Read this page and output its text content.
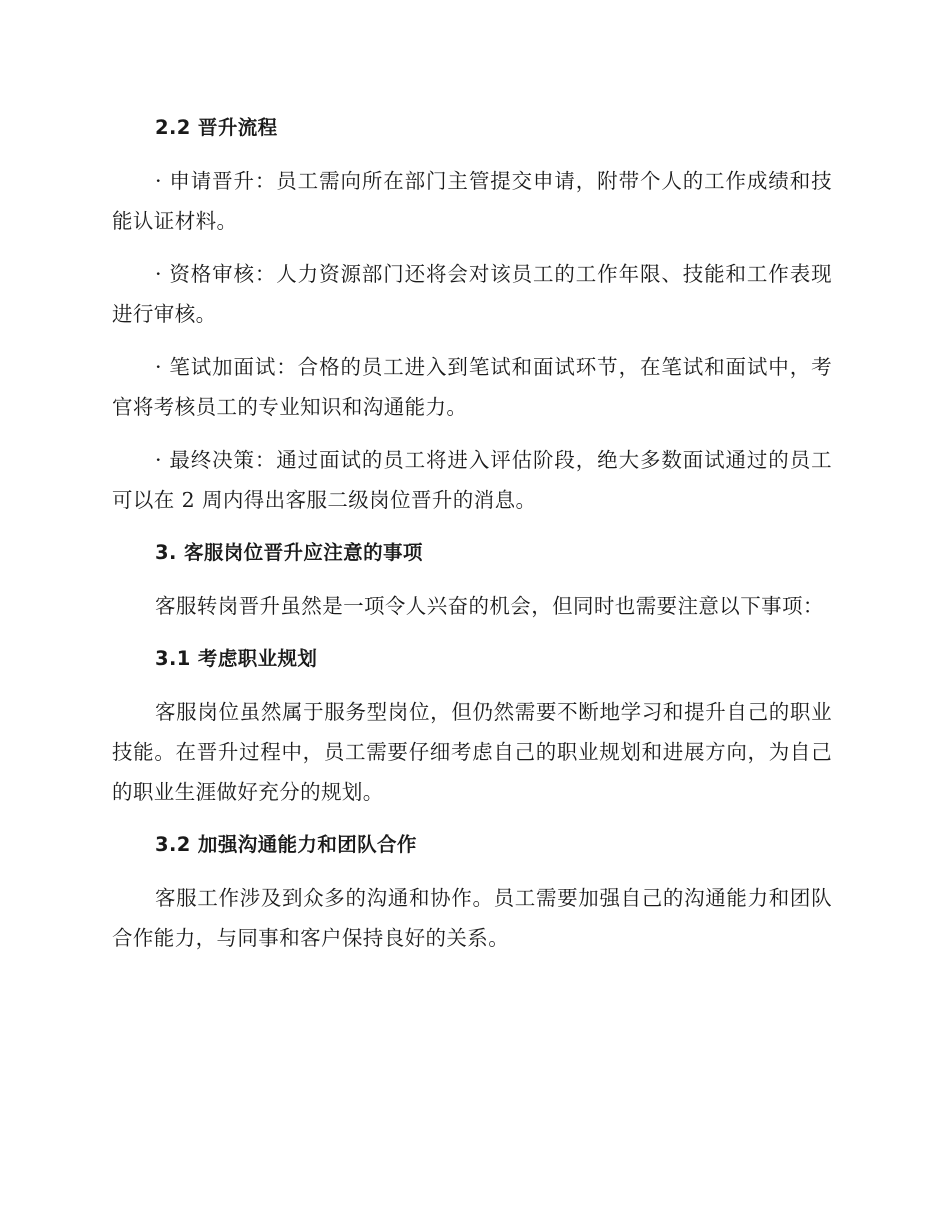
2.2 晋升流程
· 申请晋升：员工需向所在部门主管提交申请，附带个人的工作成绩和技能认证材料。
· 资格审核：人力资源部门还将会对该员工的工作年限、技能和工作表现进行审核。
· 笔试加面试：合格的员工进入到笔试和面试环节，在笔试和面试中，考官将考核员工的专业知识和沟通能力。
· 最终决策：通过面试的员工将进入评估阶段，绝大多数面试通过的员工可以在 2 周内得出客服二级岗位晋升的消息。
3. 客服岗位晋升应注意的事项
客服转岗晋升虽然是一项令人兴奋的机会，但同时也需要注意以下事项：
3.1 考虑职业规划
客服岗位虽然属于服务型岗位，但仍然需要不断地学习和提升自己的职业技能。在晋升过程中，员工需要仔细考虑自己的职业规划和进展方向，为自己的职业生涯做好充分的规划。
3.2 加强沟通能力和团队合作
客服工作涉及到众多的沟通和协作。员工需要加强自己的沟通能力和团队合作能力，与同事和客户保持良好的关系。
